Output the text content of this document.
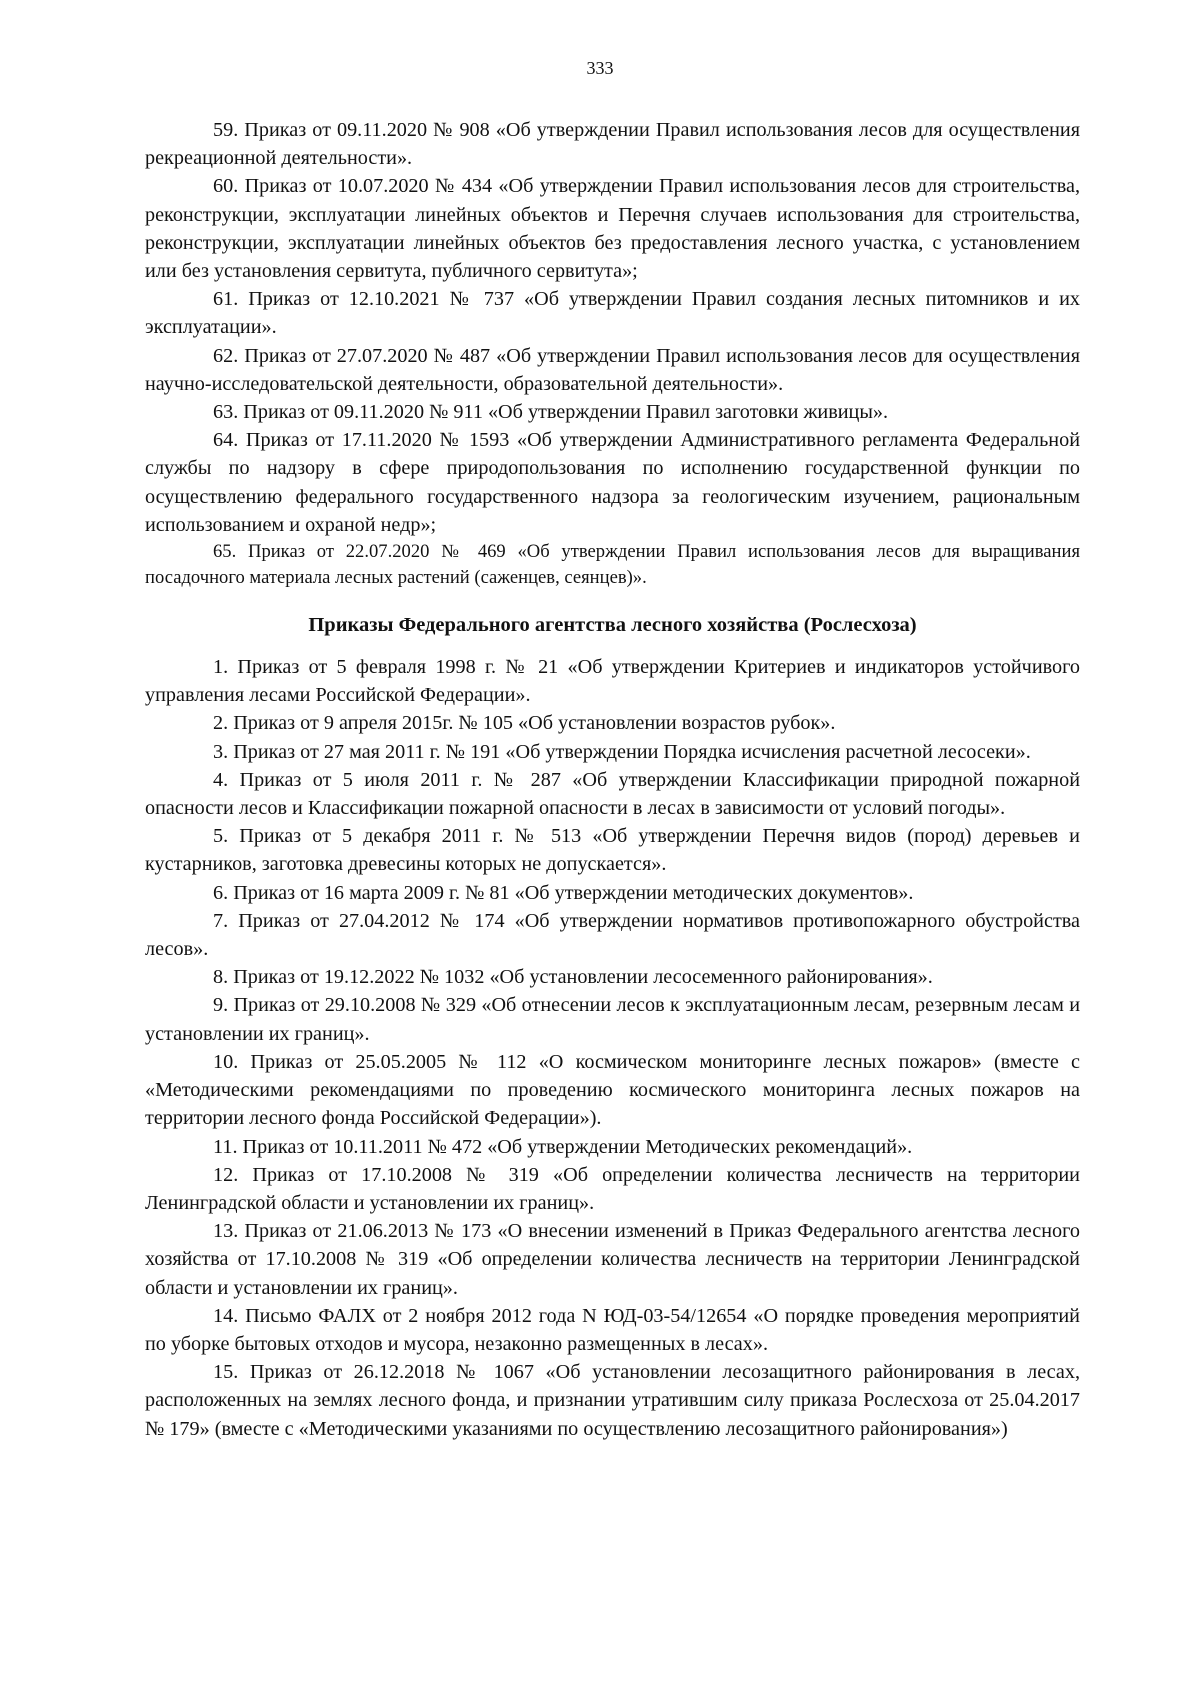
333

59. Приказ от 09.11.2020 № 908 «Об утверждении Правил использования лесов для осуществления рекреационной деятельности».

60. Приказ от 10.07.2020 № 434 «Об утверждении Правил использования лесов для строительства, реконструкции, эксплуатации линейных объектов и Перечня случаев использования для строительства, реконструкции, эксплуатации линейных объектов без предоставления лесного участка, с установлением или без установления сервитута, публичного сервитута»;

61. Приказ от 12.10.2021 № 737 «Об утверждении Правил создания лесных питомников и их эксплуатации».

62. Приказ от 27.07.2020 № 487 «Об утверждении Правил использования лесов для осуществления научно-исследовательской деятельности, образовательной деятельности».

63. Приказ от 09.11.2020 № 911 «Об утверждении Правил заготовки живицы».

64. Приказ от 17.11.2020 № 1593 «Об утверждении Административного регламента Федеральной службы по надзору в сфере природопользования по исполнению государственной функции по осуществлению федерального государственного надзора за геологическим изучением, рациональным использованием и охраной недр»;

65. Приказ от 22.07.2020 № 469 «Об утверждении Правил использования лесов для выращивания посадочного материала лесных растений (саженцев, сеянцев)».

Приказы Федерального агентства лесного хозяйства (Рослесхоза)

1. Приказ от 5 февраля 1998 г. № 21 «Об утверждении Критериев и индикаторов устойчивого управления лесами Российской Федерации».

2. Приказ от 9 апреля 2015г. № 105 «Об установлении возрастов рубок».

3. Приказ от 27 мая 2011 г. № 191 «Об утверждении Порядка исчисления расчетной лесосеки».

4. Приказ от 5 июля 2011 г. № 287 «Об утверждении Классификации природной пожарной опасности лесов и Классификации пожарной опасности в лесах в зависимости от условий погоды».

5. Приказ от 5 декабря 2011 г. № 513 «Об утверждении Перечня видов (пород) деревьев и кустарников, заготовка древесины которых не допускается».

6. Приказ от 16 марта 2009 г. № 81 «Об утверждении методических документов».

7. Приказ от 27.04.2012 № 174 «Об утверждении нормативов противопожарного обустройства лесов».

8. Приказ от 19.12.2022 № 1032 «Об установлении лесосеменного районирования».

9. Приказ от 29.10.2008 № 329 «Об отнесении лесов к эксплуатационным лесам, резервным лесам и установлении их границ».

10. Приказ от 25.05.2005 № 112 «О космическом мониторинге лесных пожаров» (вместе с «Методическими рекомендациями по проведению космического мониторинга лесных пожаров на территории лесного фонда Российской Федерации»).

11. Приказ от 10.11.2011 № 472 «Об утверждении Методических рекомендаций».

12. Приказ от 17.10.2008 № 319 «Об определении количества лесничеств на территории Ленинградской области и установлении их границ».

13. Приказ от 21.06.2013 № 173 «О внесении изменений в Приказ Федерального агентства лесного хозяйства от 17.10.2008 № 319 «Об определении количества лесничеств на территории Ленинградской области и установлении их границ».

14. Письмо ФАЛХ от 2 ноября 2012 года N ЮД-03-54/12654 «О порядке проведения мероприятий по уборке бытовых отходов и мусора, незаконно размещенных в лесах».

15. Приказ от 26.12.2018 № 1067 «Об установлении лесозащитного районирования в лесах, расположенных на землях лесного фонда, и признании утратившим силу приказа Рослесхоза от 25.04.2017 № 179» (вместе с «Методическими указаниями по осуществлению лесозащитного районирования»)
